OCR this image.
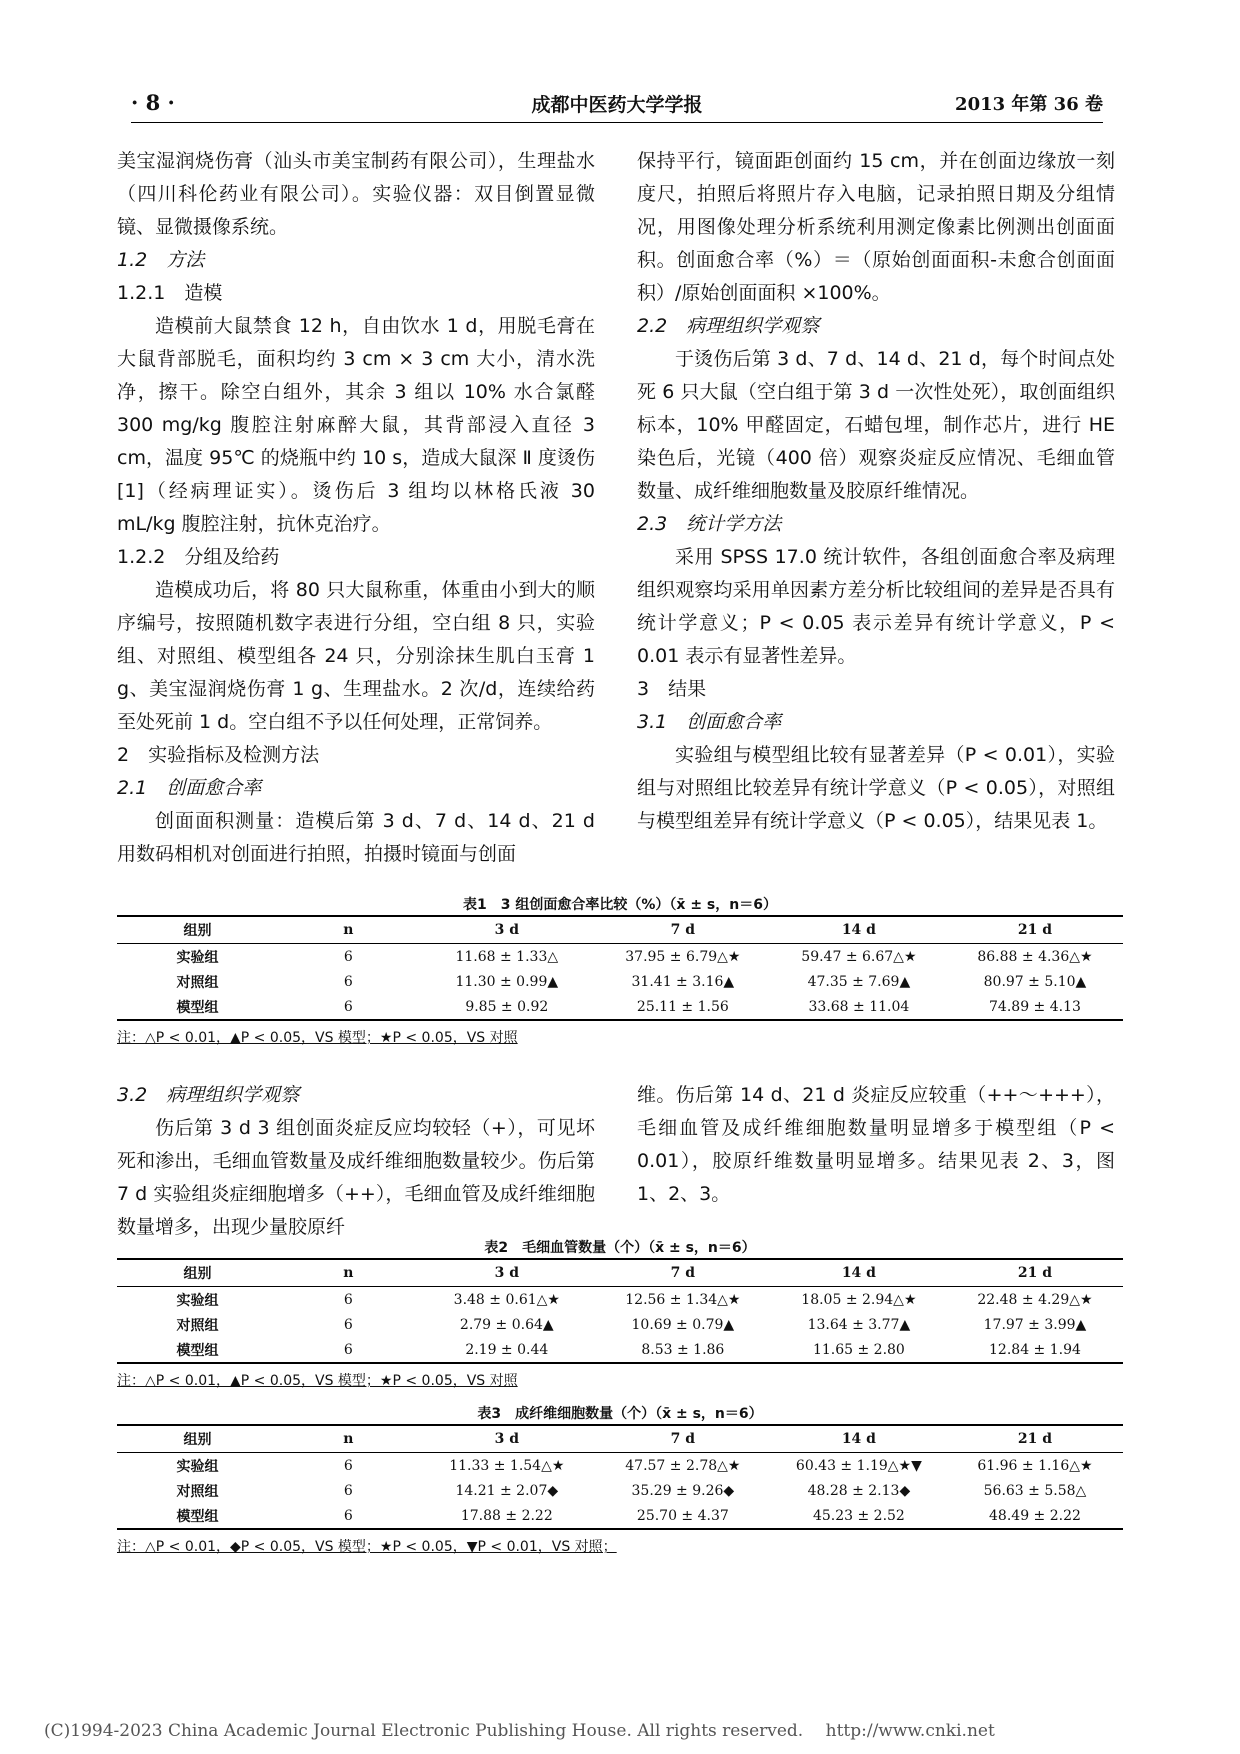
· 8 ·	成都中医药大学学报	2013 年第 36 卷

美宝湿润烧伤膏（汕头市美宝制药有限公司），生理盐水（四川科伦药业有限公司）。实验仪器：双目倒置显微镜、显微摄像系统。

1.2　方法

1.2.1　造模

造模前大鼠禁食 12 h，自由饮水 1 d，用脱毛膏在大鼠背部脱毛，面积均约 3 cm × 3 cm 大小，清水洗净，擦干。除空白组外，其余 3 组以 10% 水合氯醛 300 mg/kg 腹腔注射麻醉大鼠，其背部浸入直径 3 cm，温度 95℃ 的烧瓶中约 10 s，造成大鼠深 Ⅱ 度烫伤[1]（经病理证实）。烫伤后 3 组均以林格氏液 30 mL/kg 腹腔注射，抗休克治疗。

1.2.2　分组及给药

造模成功后，将 80 只大鼠称重，体重由小到大的顺序编号，按照随机数字表进行分组，空白组 8 只，实验组、对照组、模型组各 24 只，分别涂抹生肌白玉膏 1 g、美宝湿润烧伤膏 1 g、生理盐水。2 次/d，连续给药至处死前 1 d。空白组不予以任何处理，正常饲养。

2　实验指标及检测方法

2.1　创面愈合率

创面面积测量：造模后第 3 d、7 d、14 d、21 d 用数码相机对创面进行拍照，拍摄时镜面与创面

保持平行，镜面距创面约 15 cm，并在创面边缘放一刻度尺，拍照后将照片存入电脑，记录拍照日期及分组情况，用图像处理分析系统利用测定像素比例测出创面面积。创面愈合率（%）＝（原始创面面积-未愈合创面面积）/原始创面面积 ×100%。

2.2　病理组织学观察

于烫伤后第 3 d、7 d、14 d、21 d，每个时间点处死 6 只大鼠（空白组于第 3 d 一次性处死），取创面组织标本，10% 甲醛固定，石蜡包埋，制作芯片，进行 HE 染色后，光镜（400 倍）观察炎症反应情况、毛细血管数量、成纤维细胞数量及胶原纤维情况。

2.3　统计学方法

采用 SPSS 17.0 统计软件，各组创面愈合率及病理组织观察均采用单因素方差分析比较组间的差异是否具有统计学意义；P < 0.05 表示差异有统计学意义，P < 0.01 表示有显著性差异。

3　结果

3.1　创面愈合率

实验组与模型组比较有显著差异（P < 0.01），实验组与对照组比较差异有统计学意义（P < 0.05），对照组与模型组差异有统计学意义（P < 0.05），结果见表 1。

表1　3 组创面愈合率比较（%）（x̄ ± s，n＝6）
组别	n	3 d	7 d	14 d	21 d
实验组	6	11.68 ± 1.33△	37.95 ± 6.79△★	59.47 ± 6.67△★	86.88 ± 4.36△★
对照组	6	11.30 ± 0.99▲	31.41 ± 3.16▲	47.35 ± 7.69▲	80.97 ± 5.10▲
模型组	6	9.85 ± 0.92	25.11 ± 1.56	33.68 ± 11.04	74.89 ± 4.13
注：△P < 0.01，▲P < 0.05，VS 模型；★P < 0.05，VS 对照

3.2　病理组织学观察

伤后第 3 d 3 组创面炎症反应均较轻（+），可见坏死和渗出，毛细血管数量及成纤维细胞数量较少。伤后第 7 d 实验组炎症细胞增多（++），毛细血管及成纤维细胞数量增多，出现少量胶原纤

维。伤后第 14 d、21 d 炎症反应较重（++～+++），毛细血管及成纤维细胞数量明显增多于模型组（P < 0.01），胶原纤维数量明显增多。结果见表 2、3，图 1、2、3。

表2　毛细血管数量（个）（x̄ ± s，n＝6）
组别	n	3 d	7 d	14 d	21 d
实验组	6	3.48 ± 0.61△★	12.56 ± 1.34△★	18.05 ± 2.94△★	22.48 ± 4.29△★
对照组	6	2.79 ± 0.64▲	10.69 ± 0.79▲	13.64 ± 3.77▲	17.97 ± 3.99▲
模型组	6	2.19 ± 0.44	8.53 ± 1.86	11.65 ± 2.80	12.84 ± 1.94
注：△P < 0.01，▲P < 0.05，VS 模型；★P < 0.05，VS 对照
表3　成纤维细胞数量（个）（x̄ ± s，n＝6）
组别	n	3 d	7 d	14 d	21 d
实验组	6	11.33 ± 1.54△★	47.57 ± 2.78△★	60.43 ± 1.19△★▼	61.96 ± 1.16△★
对照组	6	14.21 ± 2.07◆	35.29 ± 9.26◆	48.28 ± 2.13◆	56.63 ± 5.58△
模型组	6	17.88 ± 2.22	25.70 ± 4.37	45.23 ± 2.52	48.49 ± 2.22
注：△P < 0.01，◆P < 0.05，VS 模型；★P < 0.05，▼P < 0.01，VS 对照；
(C)1994-2023 China Academic Journal Electronic Publishing House. All rights reserved.　 http://www.cnki.net
